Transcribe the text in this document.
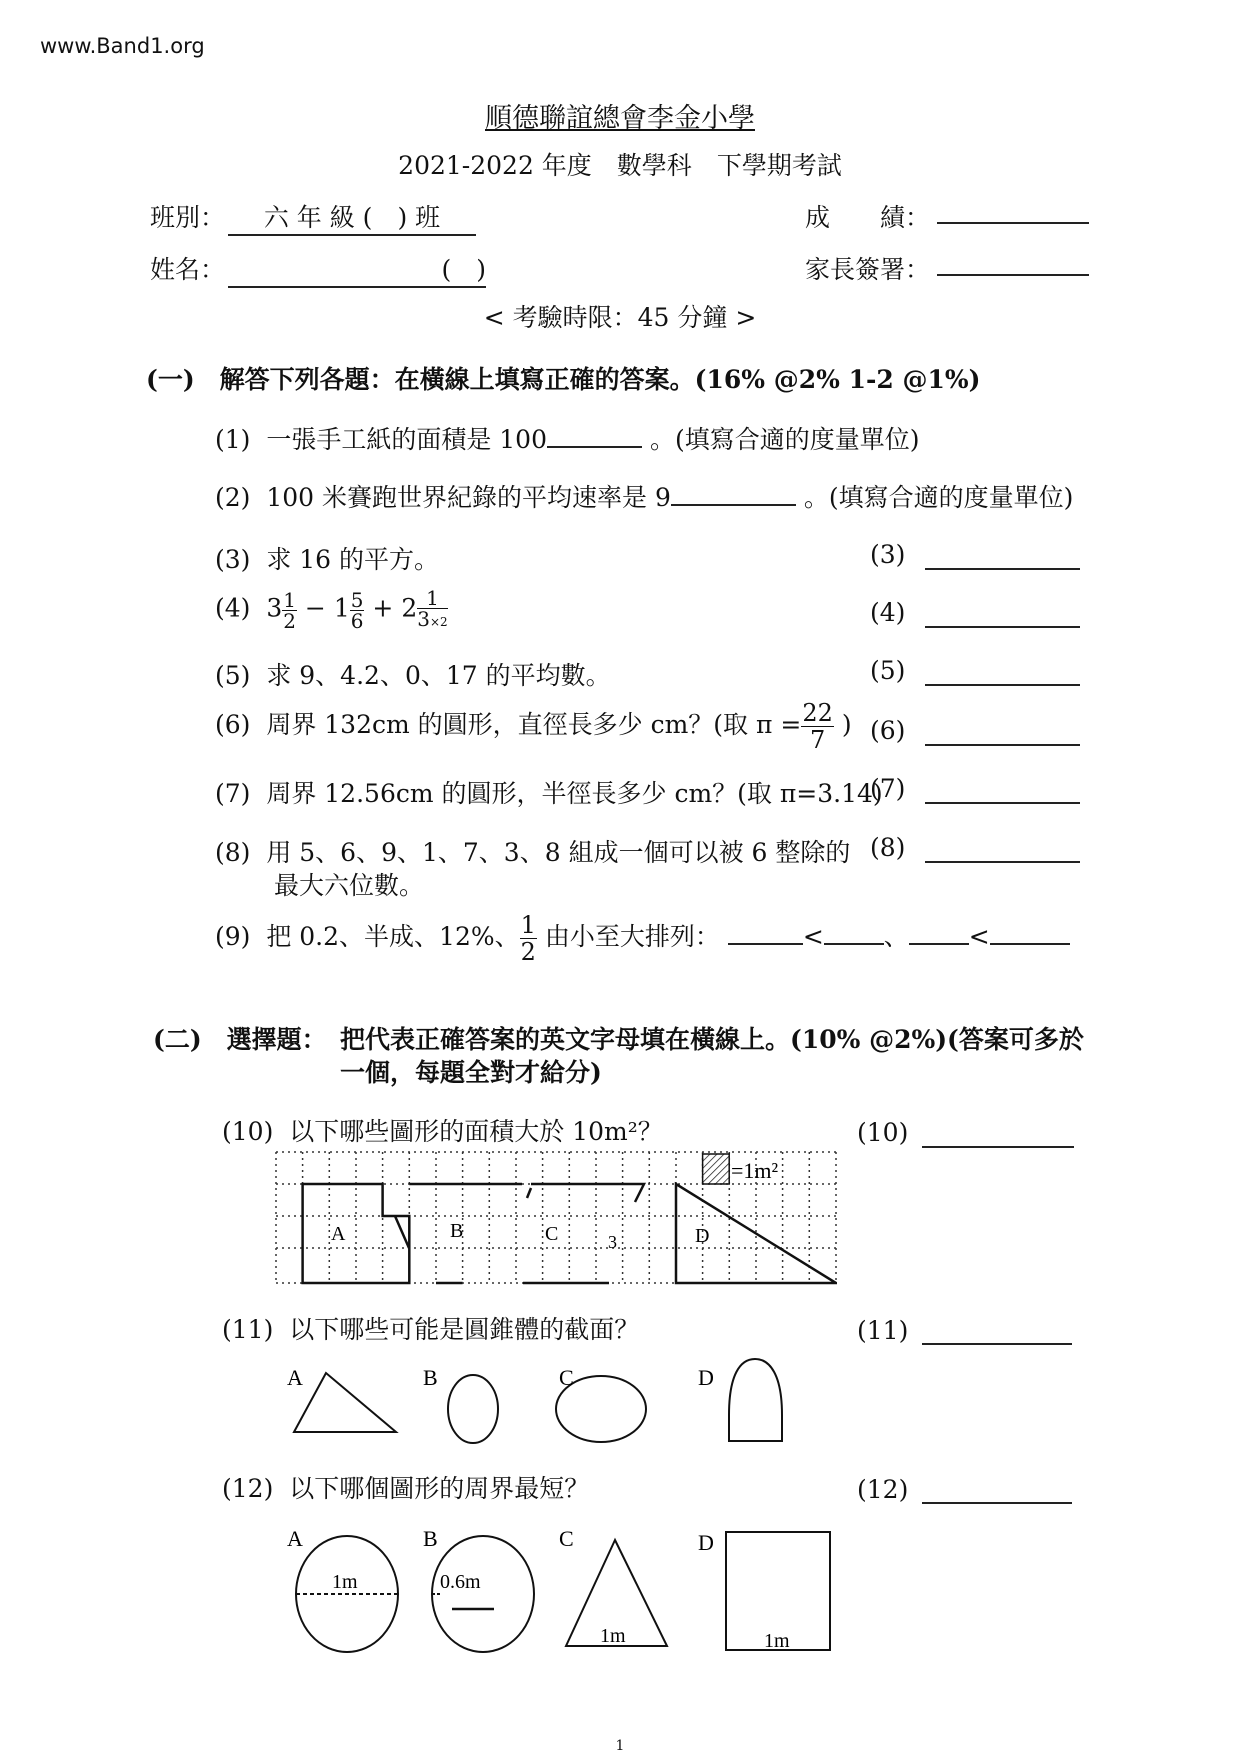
www.Band1.org
順德聯誼總會李金小學
2021-2022 年度　數學科　下學期考試
班別：	六 年 級 (　) 班	成　　績：
姓名：	(　)	家長簽署：
< 考驗時限：45 分鐘 >
(一)　解答下列各題：在橫線上填寫正確的答案。(16% @2% 1-2 @1%)
(1) 一張手工紙的面積是 100	。(填寫合適的度量單位)
(2) 100 米賽跑世界紀錄的平均速率是 9	。(填寫合適的度量單位)
(3) 求 16 的平方。	(3)
(4) $3 \frac{1}{2} - 1 \frac{5}{6} + 2 \frac{1}{3\times 2}$	(4)
(5) 求 9、4.2、0、17 的平均數。	(5)
(6) 周界 132cm 的圓形，直徑長多少 cm？(取 $\pi = \frac{22}{7}$ ) (6)
(7) 周界 12.56cm 的圓形，半徑長多少 cm？(取 π=3.14)
(7)
(8) 用 5、6、9、1、7、3、8 組成一個可以被 6 整除的
最大六位數。
(8)
(9) 把 0.2、半成、12%、 $\frac{1}{2}$ 由小至大排列：	< 、 <
(二)　選擇題： 把代表正確答案的英文字母填在橫線上。(10% @2%)(答案可多於
一個，每題全對才給分)
(10) 以下哪些圖形的面積大於 10m²？	(10)
=1m²
A	B	C	3	D
(11) 以下哪些可能是圓錐體的截面？	(11)
A	B	C	D
(12) 以下哪個圖形的周界最短？	(12)
A	B	C	D
1m	0.6m
1m	1m
1
